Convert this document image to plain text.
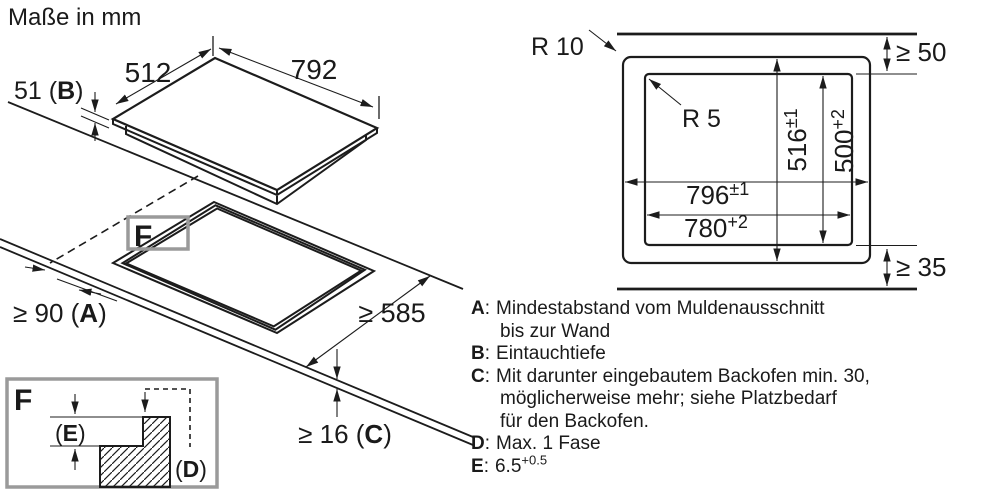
Maße in mm
512	792
51 (B)
≥ 90 (A)	≥ 585
≥ 16 (C)
F
F
(E)
(D)
R 10
R 5
≥ 50
≥ 35
$516^{\pm 1}$
$500^{+2}$
$796^{\pm 1}$
$780^{+2}$
A: Mindestabstand vom Muldenausschnitt
bis zur Wand
B: Eintauchtiefe
C: Mit darunter eingebautem Backofen min. 30,
möglicherweise mehr; siehe Platzbedarf
für den Backofen.
D: Max. 1 Fase
E: $6.5^{+0.5}$
